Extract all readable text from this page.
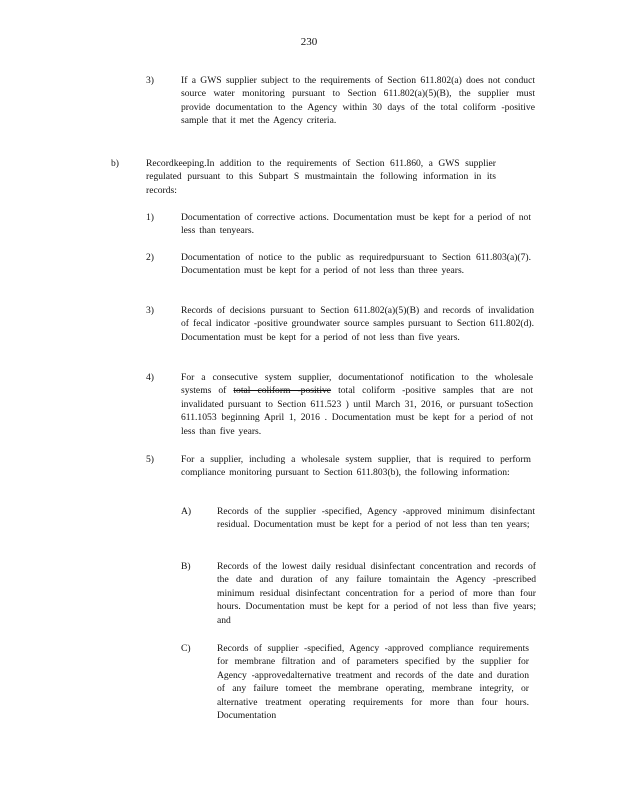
230
3)	If a GWS supplier subject to the requirements of Section 611.802(a) does not conduct source water monitoring pursuant to Section 611.802(a)(5)(B), the supplier must provide documentation to the Agency within 30 days of the total coliform -positive sample that it met the Agency criteria.
b)	Recordkeeping.In addition to the requirements of Section 611.860, a GWS supplier regulated pursuant to this Subpart S mustmaintain the following information in its records:
1)	Documentation of corrective actions. Documentation must be kept for a period of not less than tenyears.
2)	Documentation of notice to the public as requiredpursuant to Section 611.803(a)(7). Documentation must be kept for a period of not less than three years.
3)	Records of decisions pursuant to Section 611.802(a)(5)(B) and records of invalidation of fecal indicator -positive groundwater source samples pursuant to Section 611.802(d). Documentation must be kept for a period of not less than five years.
4)	For a consecutive system supplier, documentationof notification to the wholesale systems of total coliform -positive total coliform -positive samples that are not invalidated pursuant to Section 611.523 ) until March 31, 2016, or pursuant toSection 611.1053 beginning April 1, 2016 . Documentation must be kept for a period of not less than five years.
5)	For a supplier, including a wholesale system supplier, that is required to perform compliance monitoring pursuant to Section 611.803(b), the following information:
A)	Records of the supplier -specified, Agency -approved minimum disinfectant residual. Documentation must be kept for a period of not less than ten years;
B)	Records of the lowest daily residual disinfectant concentration and records of the date and duration of any failure tomaintain the Agency -prescribed minimum residual disinfectant concentration for a period of more than four hours. Documentation must be kept for a period of not less than five years; and
C)	Records of supplier -specified, Agency -approved compliance requirements for membrane filtration and of parameters specified by the supplier for Agency -approvedalternative treatment and records of the date and duration of any failure tomeet the membrane operating, membrane integrity, or alternative treatment operating requirements for more than four hours. Documentation
